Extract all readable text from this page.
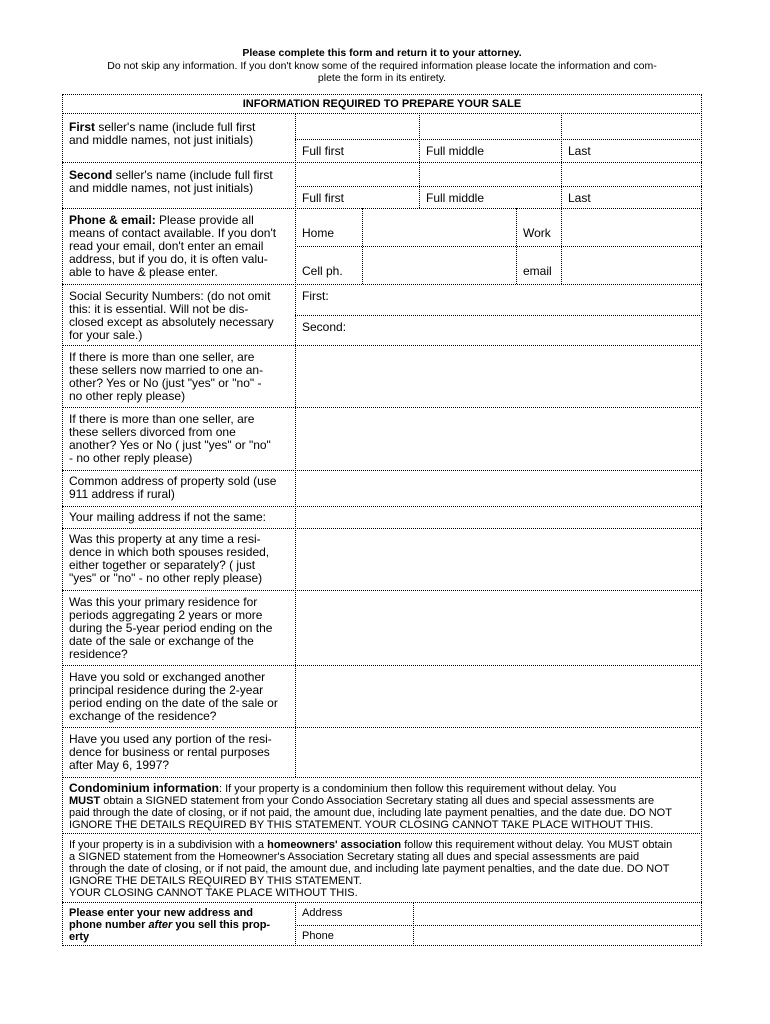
Please complete this form and return it to your attorney.
Do not skip any information. If you don't know some of the required information please locate the information and com-
plete the form in its entirety.
INFORMATION REQUIRED TO PREPARE YOUR SALE
First seller's name (include full first
and middle names, not just initials)
Full first	Full middle	Last
Second seller's name (include full first
and middle names, not just initials)
Full first	Full middle	Last
Phone & email: Please provide all
means of contact available. If you don't
read your email, don't enter an email
address, but if you do, it is often valu-
able to have & please enter.
Home	Work
Cell ph.	email
Social Security Numbers: (do not omit
this: it is essential. Will not be dis-
closed except as absolutely necessary
for your sale.)
First:
Second:
If there is more than one seller, are
these sellers now married to one an-
other? Yes or No (just "yes" or "no" -
no other reply please)
If there is more than one seller, are
these sellers divorced from one
another? Yes or No ( just "yes" or "no"
- no other reply please)
Common address of property sold (use
911 address if rural)
Your mailing address if not the same:
Was this property at any time a resi-
dence in which both spouses resided,
either together or separately? ( just
"yes" or "no" - no other reply please)
Was this your primary residence for
periods aggregating 2 years or more
during the 5-year period ending on the
date of the sale or exchange of the
residence?
Have you sold or exchanged another
principal residence during the 2-year
period ending on the date of the sale or
exchange of the residence?
Have you used any portion of the resi-
dence for business or rental purposes
after May 6, 1997?
Condominium information: If your property is a condominium then follow this requirement without delay. You
MUST obtain a SIGNED statement from your Condo Association Secretary stating all dues and special assessments are
paid through the date of closing, or if not paid, the amount due, including late payment penalties, and the date due. DO NOT
IGNORE THE DETAILS REQUIRED BY THIS STATEMENT. YOUR CLOSING CANNOT TAKE PLACE WITHOUT THIS.
If your property is in a subdivision with a homeowners' association follow this requirement without delay. You MUST obtain
a SIGNED statement from the Homeowner's Association Secretary stating all dues and special assessments are paid
through the date of closing, or if not paid, the amount due, and including late payment penalties, and the date due. DO NOT
IGNORE THE DETAILS REQUIRED BY THIS STATEMENT.
YOUR CLOSING CANNOT TAKE PLACE WITHOUT THIS.
Please enter your new address and
phone number after you sell this prop-
erty
Address
Phone
